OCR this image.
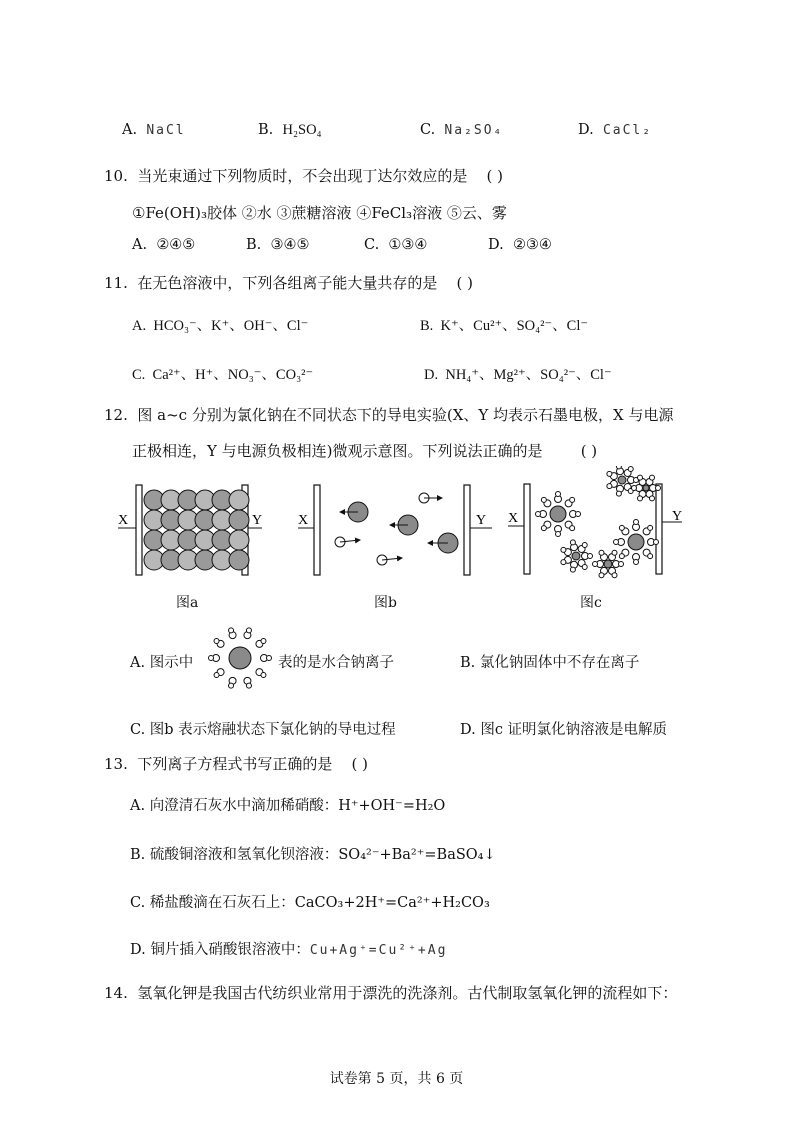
A. NaCl	B. H₂SO₄	C. Na₂SO₄	D. CaCl₂
10. 当光束通过下列物质时，不会出现丁达尔效应的是 ( )
①Fe(OH)₃胶体 ②水 ③蔗糖溶液 ④FeCl₃溶液 ⑤云、雾
A. ②④⑤	B. ③④⑤	C. ①③④	D. ②③④
11. 在无色溶液中，下列各组离子能大量共存的是 ( )
A. HCO₃⁻、K⁺、OH⁻、Cl⁻	B. K⁺、Cu²⁺、SO₄²⁻、Cl⁻
C. Ca²⁺、H⁺、NO₃⁻、CO₃²⁻	D. NH₄⁺、Mg²⁺、SO₄²⁻、Cl⁻
12. 图 a~c 分别为氯化钠在不同状态下的导电实验(X、Y 均表示石墨电极，X 与电源
正极相连，Y 与电源负极相连)微观示意图。下列说法正确的是	( )
X	Y
图a
X	Y
图b
X	Y
图c
A. 图示中	表的是水合钠离子	B. 氯化钠固体中不存在离子
C. 图b 表示熔融状态下氯化钠的导电过程	D. 图c 证明氯化钠溶液是电解质
13. 下列离子方程式书写正确的是 ( )
A. 向澄清石灰水中滴加稀硝酸：H⁺+OH⁻=H₂O
B. 硫酸铜溶液和氢氧化钡溶液：SO₄²⁻+Ba²⁺=BaSO₄↓
C. 稀盐酸滴在石灰石上：CaCO₃+2H⁺=Ca²⁺+H₂CO₃
D. 铜片插入硝酸银溶液中：Cu+Ag⁺=Cu²⁺+Ag
14. 氢氧化钾是我国古代纺织业常用于漂洗的洗涤剂。古代制取氢氧化钾的流程如下：
试卷第 5 页，共 6 页
